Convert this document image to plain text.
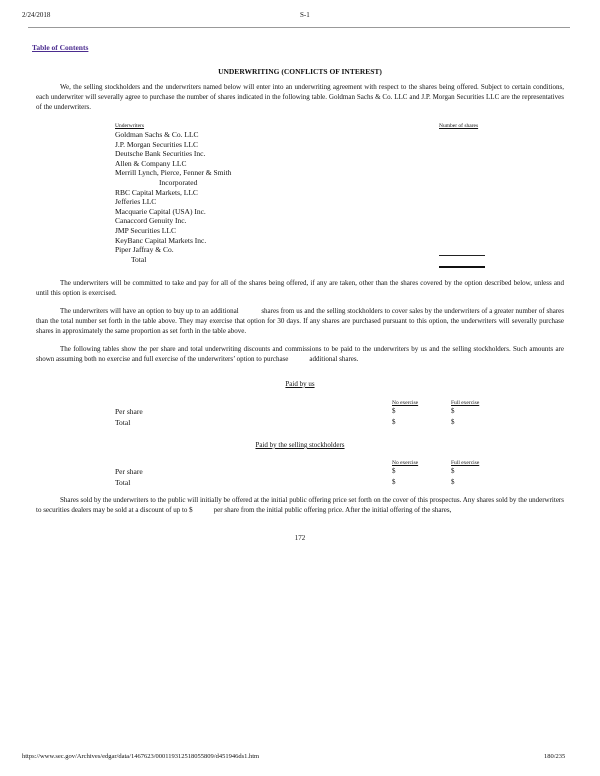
2/24/2018	S-1
Table of Contents
UNDERWRITING (CONFLICTS OF INTEREST)
We, the selling stockholders and the underwriters named below will enter into an underwriting agreement with respect to the shares being offered. Subject to certain conditions, each underwriter will severally agree to purchase the number of shares indicated in the following table. Goldman Sachs & Co. LLC and J.P. Morgan Securities LLC are the representatives of the underwriters.
Underwriters	Number of shares
Goldman Sachs & Co. LLC
J.P. Morgan Securities LLC
Deutsche Bank Securities Inc.
Allen & Company LLC
Merrill Lynch, Pierce, Fenner & Smith
Incorporated
RBC Capital Markets, LLC
Jefferies LLC
Macquarie Capital (USA) Inc.
Canaccord Genuity Inc.
JMP Securities LLC
KeyBanc Capital Markets Inc.
Piper Jaffray & Co.
Total
The underwriters will be committed to take and pay for all of the shares being offered, if any are taken, other than the shares covered by the option described below, unless and until this option is exercised.
The underwriters will have an option to buy up to an additional            shares from us and the selling stockholders to cover sales by the underwriters of a greater number of shares than the total number set forth in the table above. They may exercise that option for 30 days. If any shares are purchased pursuant to this option, the underwriters will severally purchase shares in approximately the same proportion as set forth in the table above.
The following tables show the per share and total underwriting discounts and commissions to be paid to the underwriters by us and the selling stockholders. Such amounts are shown assuming both no exercise and full exercise of the underwriters’ option to purchase            additional shares.
Paid by us
No exercise	Full exercise
Per share	$	$
Total	$	$
Paid by the selling stockholders
No exercise	Full exercise
Per share	$	$
Total	$	$
Shares sold by the underwriters to the public will initially be offered at the initial public offering price set forth on the cover of this prospectus. Any shares sold by the underwriters to securities dealers may be sold at a discount of up to $            per share from the initial public offering price. After the initial offering of the shares,
172
https://www.sec.gov/Archives/edgar/data/1467623/000119312518055809/d451946ds1.htm	180/235
